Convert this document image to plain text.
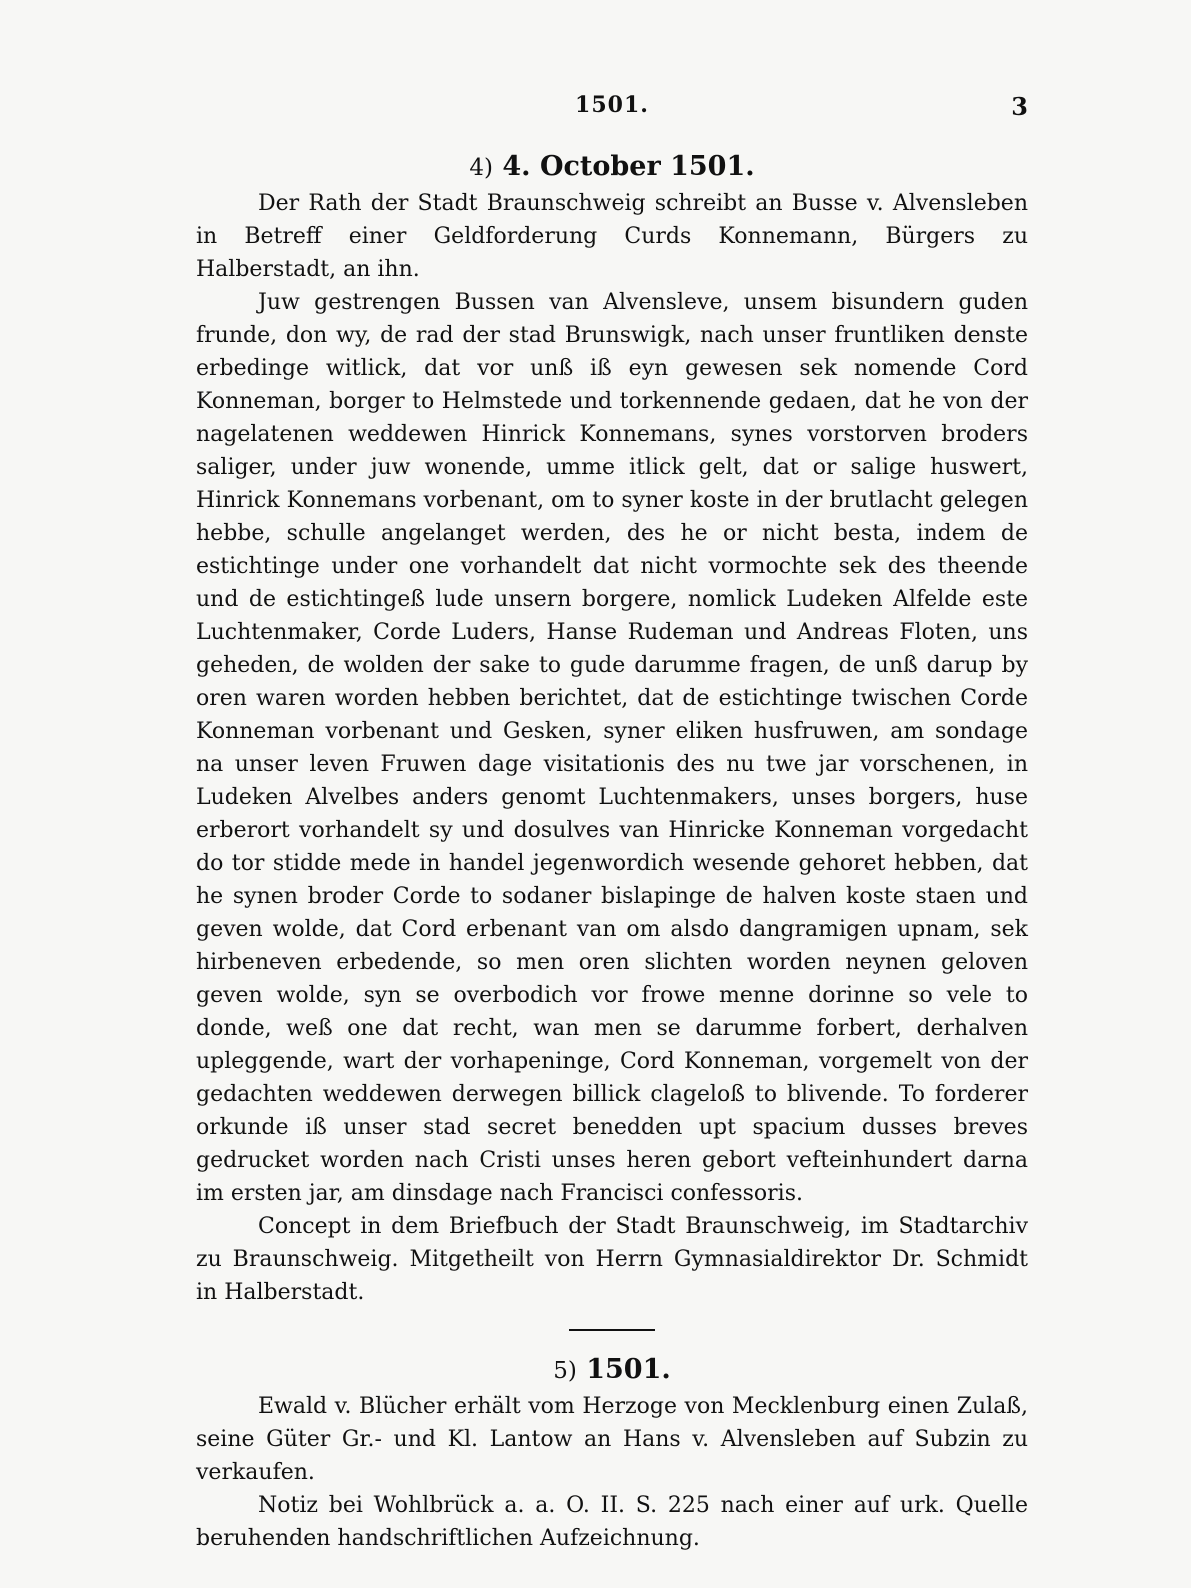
1501.	3
4) 4. October 1501.

Der Rath der Stadt Braunschweig schreibt an Busse v. Alvensleben in Betreff einer Geldforderung Curds Konnemann, Bürgers zu Halberstadt, an ihn.

Juw gestrengen Bussen van Alvensleve, unsem bisundern guden frunde, don wy, de rad der stad Brunswigk, nach unser fruntliken denste erbedinge witlick, dat vor unß iß eyn gewesen sek nomende Cord Konneman, borger to Helmstede und torkennende gedaen, dat he von der nagelatenen weddewen Hinrick Konnemans, synes vorstorven broders saliger, under juw wonende, umme itlick gelt, dat or salige huswert, Hinrick Konnemans vorbenant, om to syner koste in der brutlacht gelegen hebbe, schulle angelanget werden, des he or nicht besta, indem de estichtinge under one vorhandelt dat nicht vormochte sek des theende und de estichtingeß lude unsern borgere, nomlick Ludeken Alfelde este Luchtenmaker, Corde Luders, Hanse Rudeman und Andreas Floten, uns geheden, de wolden der sake to gude darumme fragen, de unß darup by oren waren worden hebben berichtet, dat de estichtinge twischen Corde Konneman vorbenant und Gesken, syner eliken husfruwen, am sondage na unser leven Fruwen dage visitationis des nu twe jar vorschenen, in Ludeken Alvelbes anders genomt Luchtenmakers, unses borgers, huse erberort vorhandelt sy und dosulves van Hinricke Konneman vorgedacht do tor stidde mede in handel jegenwordich wesende gehoret hebben, dat he synen broder Corde to sodaner bislapinge de halven koste staen und geven wolde, dat Cord erbenant van om alsdo dangramigen upnam, sek hirbeneven erbedende, so men oren slichten worden neynen geloven geven wolde, syn se overbodich vor frowe menne dorinne so vele to donde, weß one dat recht, wan men se darumme forbert, derhalven upleggende, wart der vorhapeninge, Cord Konneman, vorgemelt von der gedachten weddewen derwegen billick clageloß to blivende. To forderer orkunde iß unser stad secret benedden upt spacium dusses breves gedrucket worden nach Cristi unses heren gebort vefteinhundert darna im ersten jar, am dinsdage nach Francisci confessoris.

Concept in dem Briefbuch der Stadt Braunschweig, im Stadtarchiv zu Braunschweig. Mitgetheilt von Herrn Gymnasialdirektor Dr. Schmidt in Halberstadt.

5) 1501.

Ewald v. Blücher erhält vom Herzoge von Mecklenburg einen Zulaß, seine Güter Gr.- und Kl. Lantow an Hans v. Alvensleben auf Subzin zu verkaufen.

Notiz bei Wohlbrück a. a. O. II. S. 225 nach einer auf urk. Quelle beruhenden handschriftlichen Aufzeichnung.
